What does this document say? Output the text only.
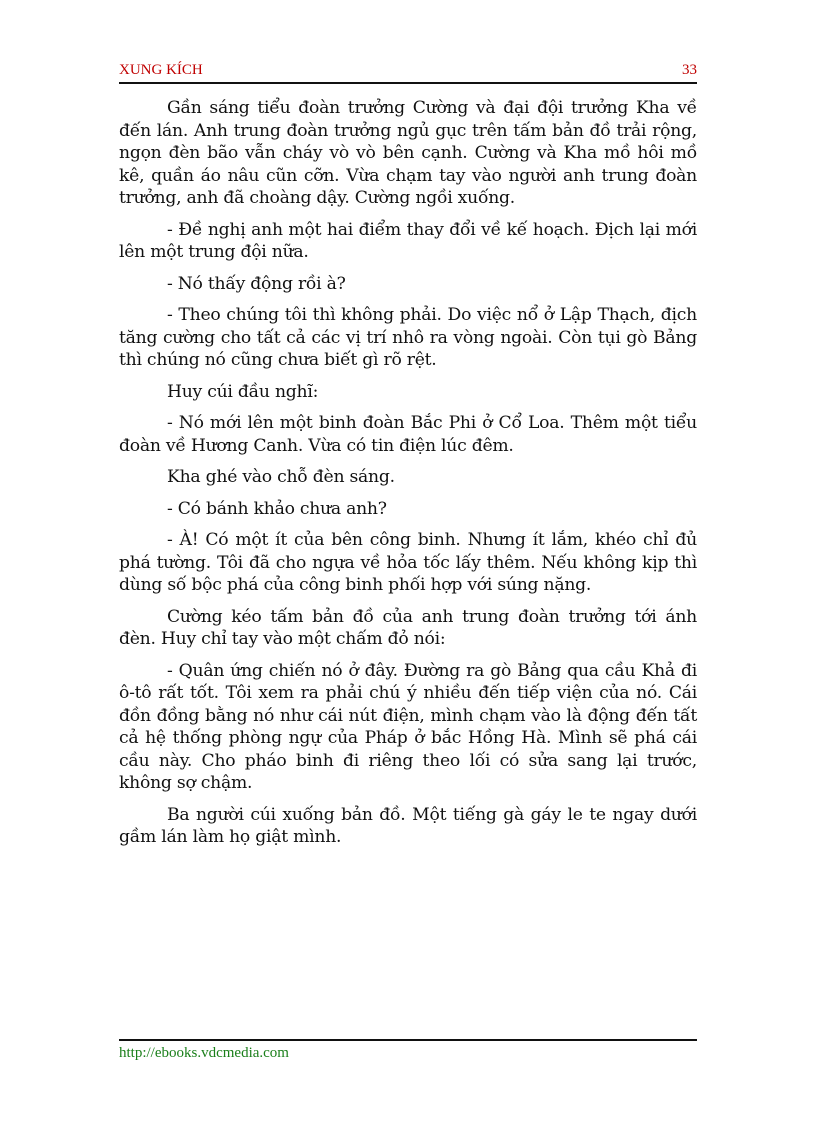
XUNG KÍCH	33

Gần sáng tiểu đoàn trưởng Cường và đại đội trưởng Kha về đến lán. Anh trung đoàn trưởng ngủ gục trên tấm bản đồ trải rộng, ngọn đèn bão vẫn cháy vò vò bên cạnh. Cường và Kha mồ hôi mồ kê, quần áo nâu cũn cỡn. Vừa chạm tay vào người anh trung đoàn trưởng, anh đã choàng dậy. Cường ngồi xuống.

- Đề nghị anh một hai điểm thay đổi về kế hoạch. Địch lại mới lên một trung đội nữa.

- Nó thấy động rồi à?

- Theo chúng tôi thì không phải. Do việc nổ ở Lập Thạch, địch tăng cường cho tất cả các vị trí nhô ra vòng ngoài. Còn tụi gò Bảng thì chúng nó cũng chưa biết gì rõ rệt.

Huy cúi đầu nghĩ:

- Nó mới lên một binh đoàn Bắc Phi ở Cổ Loa. Thêm một tiểu đoàn về Hương Canh. Vừa có tin điện lúc đêm.

Kha ghé vào chỗ đèn sáng.

- Có bánh khảo chưa anh?

- À! Có một ít của bên công binh. Nhưng ít lắm, khéo chỉ đủ phá tường. Tôi đã cho ngựa về hỏa tốc lấy thêm. Nếu không kịp thì dùng số bộc phá của công binh phối hợp với súng nặng.

Cường kéo tấm bản đồ của anh trung đoàn trưởng tới ánh đèn. Huy chỉ tay vào một chấm đỏ nói:

- Quân ứng chiến nó ở đây. Đường ra gò Bảng qua cầu Khả đi ô-tô rất tốt. Tôi xem ra phải chú ý nhiều đến tiếp viện của nó. Cái đồn đồng bằng nó như cái nút điện, mình chạm vào là động đến tất cả hệ thống phòng ngự của Pháp ở bắc Hồng Hà. Mình sẽ phá cái cầu này. Cho pháo binh đi riêng theo lối có sửa sang lại trước, không sợ chậm.

Ba người cúi xuống bản đồ. Một tiếng gà gáy le te ngay dưới gầm lán làm họ giật mình.

http://ebooks.vdcmedia.com
